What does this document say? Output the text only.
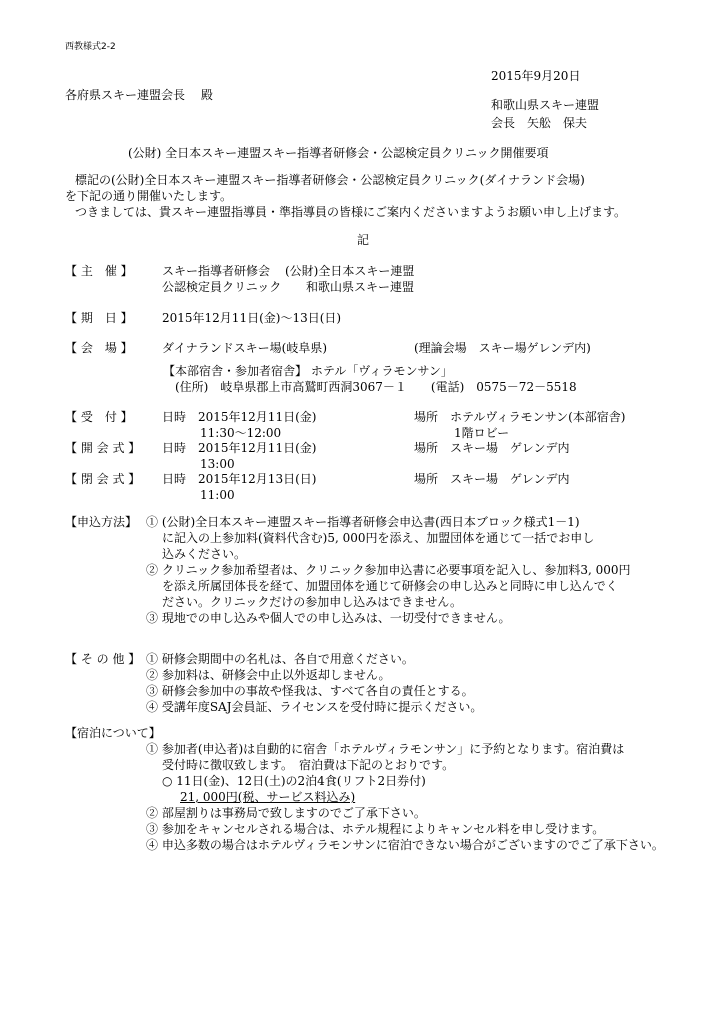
西教様式2-2
2015年9月20日
各府県スキー連盟会長　 殿
和歌山県スキー連盟
会長　矢舩　保夫
(公財) 全日本スキー連盟スキー指導者研修会・公認検定員クリニック開催要項
標記の(公財)全日本スキー連盟スキー指導者研修会・公認検定員クリニック(ダイナランド会場)
を下記の通り開催いたします。
つきましては、貴スキー連盟指導員・準指導員の皆様にご案内くださいますようお願い申し上げます。
記
【 主　催 】 スキー指導者研修会 (公財)全日本スキー連盟
公認検定員クリニック 和歌山県スキー連盟
【 期　日 】 2015年12月11日(金)～13日(日)
【 会　場 】 ダイナランドスキー場(岐阜県)	(理論会場　スキー場ゲレンデ内)
【本部宿舎・参加者宿舎】 ホテル「ヴィラモンサン」
(住所)　岐阜県郡上市高鷲町西洞3067－１　　(電話)　0575－72－5518
【 受　付 】 日時　2015年12月11日(金)	場所　ホテルヴィラモンサン(本部宿舎)
11:30～12:00	1階ロビー
【 開 会 式 】 日時　2015年12月11日(金)	場所　スキー場　ゲレンデ内
13:00
【 閉 会 式 】 日時　2015年12月13日(日)	場所　スキー場　ゲレンデ内
11:00
【申込方法】 ① (公財)全日本スキー連盟スキー指導者研修会申込書(西日本ブロック様式1－1)
に記入の上参加料(資料代含む)5, 000円を添え、加盟団体を通じて一括でお申し
込みください。
② クリニック参加希望者は、クリニック参加申込書に必要事項を記入し、参加料3, 000円
を添え所属団体長を経て、加盟団体を通じて研修会の申し込みと同時に申し込んでく
ださい。クリニックだけの参加申し込みはできません。
③ 現地での申し込みや個人での申し込みは、一切受付できません。
【 そ の 他 】 ① 研修会期間中の名札は、各自で用意ください。
② 参加料は、研修会中止以外返却しません。
③ 研修会参加中の事故や怪我は、すべて各自の責任とする。
④ 受講年度SAJ会員証、ライセンスを受付時に提示ください。
【宿泊について】
① 参加者(申込者)は自動的に宿舎「ホテルヴィラモンサン」に予約となります。宿泊費は
受付時に徴収致します。　宿泊費は下記のとおりです。
○ 11日(金)、12日(土)の2泊4食(リフト2日券付)
21, 000円(税、サービス料込み)
② 部屋割りは事務局で致しますのでご了承下さい。
③ 参加をキャンセルされる場合は、ホテル規程によりキャンセル料を申し受けます。
④ 申込多数の場合はホテルヴィラモンサンに宿泊できない場合がございますのでご了承下さい。
